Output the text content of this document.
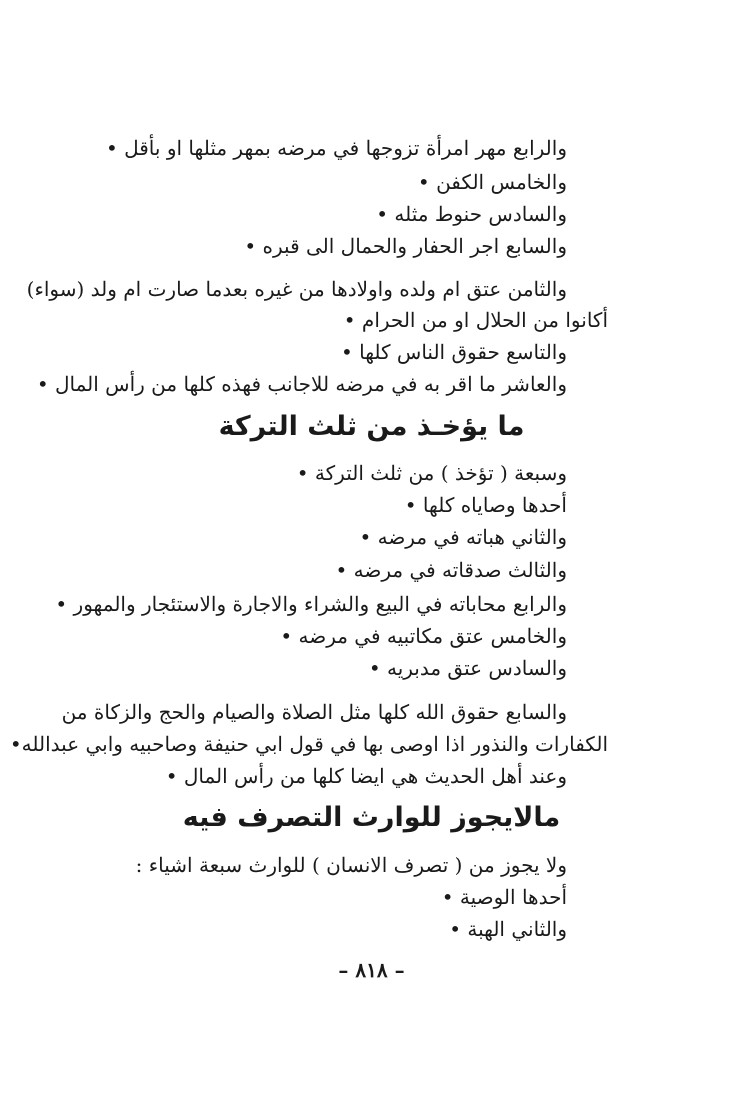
والرابع مهر امرأة تزوجها في مرضه بمهر مثلها او بأقل •
والخامس الكفن •
والسادس حنوط مثله •
والسابع اجر الحفار والحمال الى قبره •
والثامن عتق ام ولده واولادها من غيره بعدما صارت ام ولد (سواء)
أكانوا من الحلال او من الحرام •
والتاسع حقوق الناس كلها •
والعاشر ما اقر به في مرضه للاجانب فهذه كلها من رأس المال •
ما يؤخـذ من ثلث التركة
وسبعة ( تؤخذ ) من ثلث التركة •
أحدها وصاياه كلها •
والثاني هباته في مرضه •
والثالث صدقاته في مرضه •
والرابع محاباته في البيع والشراء والاجارة والاستئجار والمهور •
والخامس عتق مكاتبيه في مرضه •
والسادس عتق مدبريه •
والسابع حقوق الله كلها مثل الصلاة والصيام والحج والزكاة من
الكفارات والنذور اذا اوصى بها في قول ابي حنيفة وصاحبيه وابي عبدالله•
وعند أهل الحديث هي ايضا كلها من رأس المال •
مالايجوز للوارث التصرف فيه
ولا يجوز من ( تصرف الانسان ) للوارث سبعة اشياء :
أحدها الوصية •
والثاني الهبة •
– ٨١٨ –
